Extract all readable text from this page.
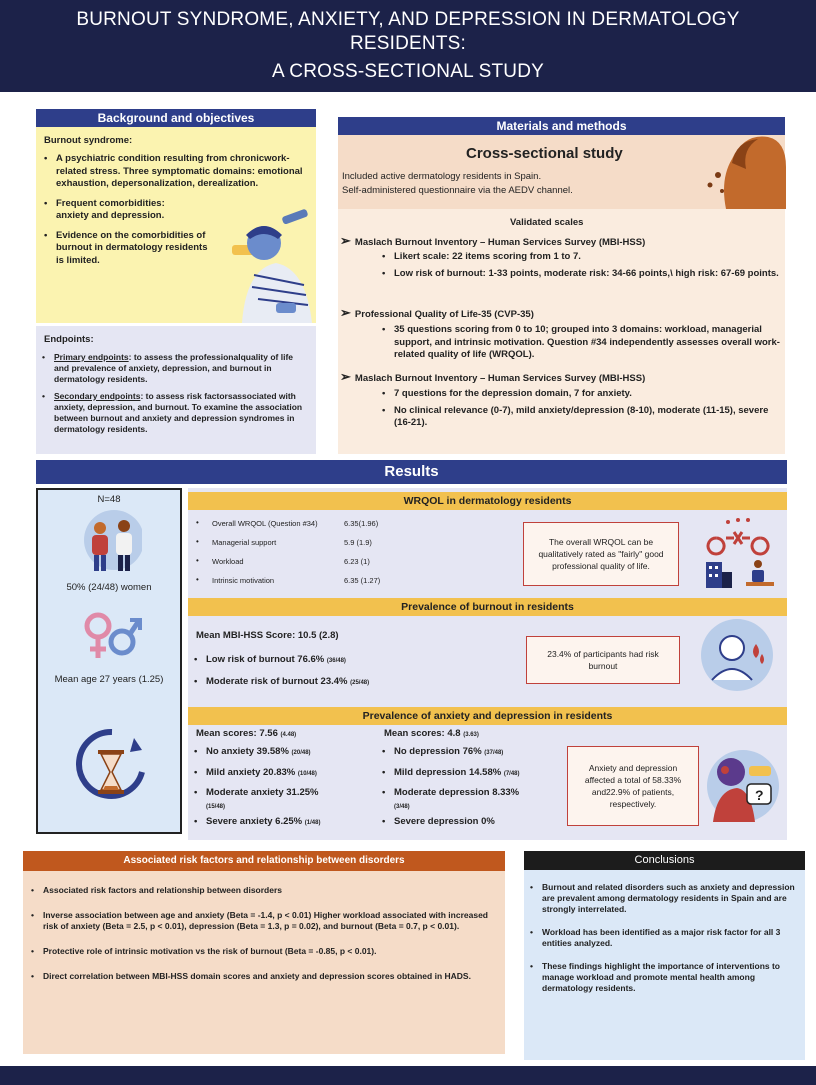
BURNOUT SYNDROME, ANXIETY, AND DEPRESSION IN DERMATOLOGY
RESIDENTS:
A CROSS-SECTIONAL STUDY
Background and objectives
Burnout syndrome:
• A psychiatric condition resulting from chronicwork-related stress. Three symptomatic domains: emotional exhaustion, depersonalization, derealization.
• Frequent comorbidities: anxiety and depression.
• Evidence on the comorbidities of burnout in dermatology residents is limited.
Endpoints:
• Primary endpoints: to assess the professionalquality of life and prevalence of anxiety, depression, and burnout in dermatology residents.
• Secondary endpoints: to assess risk factorsassociated with anxiety, depression, and burnout. To examine the association between burnout and anxiety and depression syndromes in dermatology residents.
Materials and methods
Cross-sectional study
Included active dermatology residents in Spain.
Self-administered questionnaire via the AEDV channel.
Validated scales
➢ Maslach Burnout Inventory – Human Services Survey (MBI-HSS)
• Likert scale: 22 items scoring from 1 to 7.
• Low risk of burnout: 1-33 points, moderate risk: 34-66 points,\ high risk: 67-69 points.
➢ Professional Quality of Life-35 (CVP-35)
• 35 questions scoring from 0 to 10; grouped into 3 domains: workload, managerial support, and intrinsic motivation. Question #34 independently assesses overall work-related quality of life (WRQOL).
➢ Maslach Burnout Inventory – Human Services Survey (MBI-HSS)
• 7 questions for the depression domain, 7 for anxiety.
• No clinical relevance (0-7), mild anxiety/depression (8-10), moderate (11-15), severe (16-21).
Results
N=48
50% (24/48) women
Mean age 27 years (1.25)
WRQOL in dermatology residents
• Overall WRQOL (Question #34)	6.35(1.96)
• Managerial support	5.9 (1.9)
• Workload	6.23 (1)
• Intrinsic motivation	6.35 (1.27)
The overall WRQOL can be qualitatively rated as "fairly" good professional quality of life.
Prevalence of burnout in residents
Mean MBI-HSS Score: 10.5 (2.8)
• Low risk of burnout 76.6% (36/48)
• Moderate risk of burnout 23.4% (25/48)
23.4% of participants had risk burnout
Prevalence of anxiety and depression in residents
Mean scores: 7.56 (4.48)
• No anxiety 39.58% (20/48)
• Mild anxiety 20.83% (10/48)
• Moderate anxiety 31.25%
(15/48)
• Severe anxiety 6.25% (1/48)
Mean scores: 4.8 (3.63)
• No depression 76% (37/48)
• Mild depression 14.58% (7/48)
• Moderate depression 8.33%
(3/48)
• Severe depression 0%
Anxiety and depression affected a total of 58.33% and22.9% of patients, respectively.
?
Associated risk factors and relationship between disorders
• Associated risk factors and relationship between disorders
• Inverse association between age and anxiety (Beta = -1.4, p < 0.01) Higher workload associated with increased risk of anxiety (Beta = 2.5, p < 0.01), depression (Beta = 1.3, p = 0.02), and burnout (Beta = 0.7, p < 0.01).
• Protective role of intrinsic motivation vs the risk of burnout (Beta = -0.85, p < 0.01).
• Direct correlation between MBI-HSS domain scores and anxiety and depression scores obtained in HADS.
Conclusions
• Burnout and related disorders such as anxiety and depression are prevalent among dermatology residents in Spain and are strongly interrelated.
• Workload has been identified as a major risk factor for all 3 entities analyzed.
• These findings highlight the importance of interventions to manage workload and promote mental health among dermatology residents.
